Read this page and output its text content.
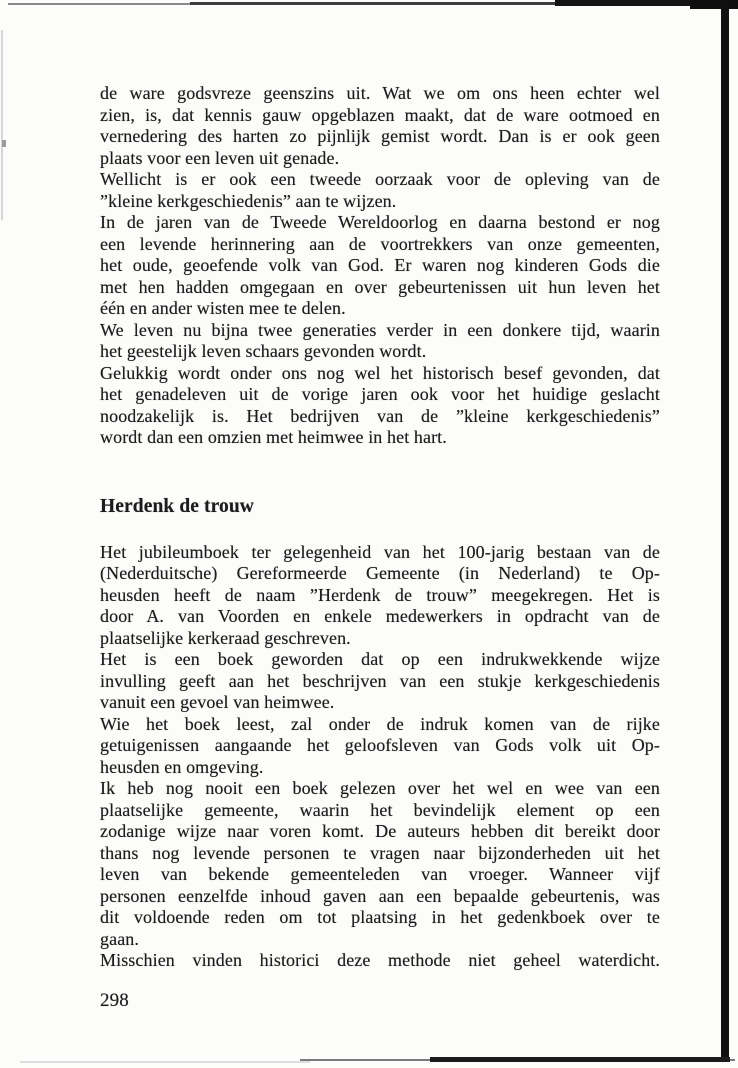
de ware godsvreze geenszins uit. Wat we om ons heen echter wel
zien, is, dat kennis gauw opgeblazen maakt, dat de ware ootmoed en
vernedering des harten zo pijnlijk gemist wordt. Dan is er ook geen
plaats voor een leven uit genade.
Wellicht is er ook een tweede oorzaak voor de opleving van de
”kleine kerkgeschiedenis” aan te wijzen.
In de jaren van de Tweede Wereldoorlog en daarna bestond er nog
een levende herinnering aan de voortrekkers van onze gemeenten,
het oude, geoefende volk van God. Er waren nog kinderen Gods die
met hen hadden omgegaan en over gebeurtenissen uit hun leven het
één en ander wisten mee te delen.
We leven nu bijna twee generaties verder in een donkere tijd, waarin
het geestelijk leven schaars gevonden wordt.
Gelukkig wordt onder ons nog wel het historisch besef gevonden, dat
het genadeleven uit de vorige jaren ook voor het huidige geslacht
noodzakelijk is. Het bedrijven van de ”kleine kerkgeschiedenis”
wordt dan een omzien met heimwee in het hart.
Herdenk de trouw
Het jubileumboek ter gelegenheid van het 100-jarig bestaan van de
(Nederduitsche) Gereformeerde Gemeente (in Nederland) te Op-
heusden heeft de naam ”Herdenk de trouw” meegekregen. Het is
door A. van Voorden en enkele medewerkers in opdracht van de
plaatselijke kerkeraad geschreven.
Het is een boek geworden dat op een indrukwekkende wijze
invulling geeft aan het beschrijven van een stukje kerkgeschiedenis
vanuit een gevoel van heimwee.
Wie het boek leest, zal onder de indruk komen van de rijke
getuigenissen aangaande het geloofsleven van Gods volk uit Op-
heusden en omgeving.
Ik heb nog nooit een boek gelezen over het wel en wee van een
plaatselijke gemeente, waarin het bevindelijk element op een
zodanige wijze naar voren komt. De auteurs hebben dit bereikt door
thans nog levende personen te vragen naar bijzonderheden uit het
leven van bekende gemeenteleden van vroeger. Wanneer vijf
personen eenzelfde inhoud gaven aan een bepaalde gebeurtenis, was
dit voldoende reden om tot plaatsing in het gedenkboek over te
gaan.
Misschien vinden historici deze methode niet geheel waterdicht.
298
